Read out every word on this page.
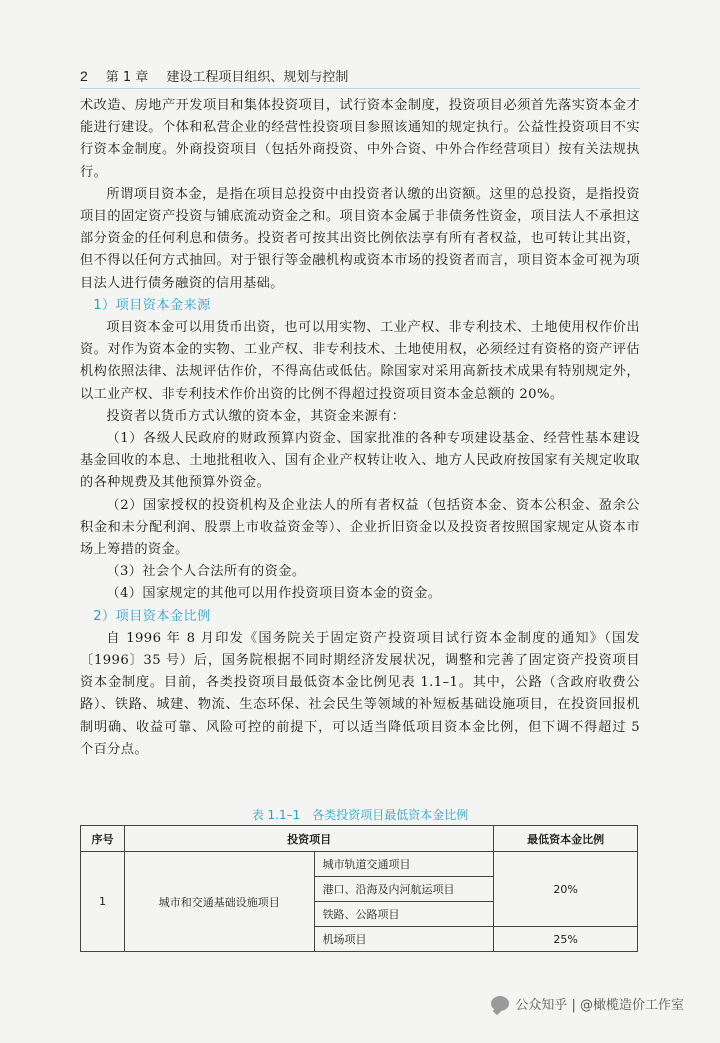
2 第 1 章 建设工程项目组织、规划与控制

术改造、房地产开发项目和集体投资项目，试行资本金制度，投资项目必须首先落实资本金才能进行建设。个体和私营企业的经营性投资项目参照该通知的规定执行。公益性投资项目不实行资本金制度。外商投资项目（包括外商投资、中外合资、中外合作经营项目）按有关法规执行。

所谓项目资本金，是指在项目总投资中由投资者认缴的出资额。这里的总投资，是指投资项目的固定资产投资与铺底流动资金之和。项目资本金属于非债务性资金，项目法人不承担这部分资金的任何利息和债务。投资者可按其出资比例依法享有所有者权益，也可转让其出资，但不得以任何方式抽回。对于银行等金融机构或资本市场的投资者而言，项目资本金可视为项目法人进行债务融资的信用基础。

1）项目资本金来源

项目资本金可以用货币出资，也可以用实物、工业产权、非专利技术、土地使用权作价出资。对作为资本金的实物、工业产权、非专利技术、土地使用权，必须经过有资格的资产评估机构依照法律、法规评估作价，不得高估或低估。除国家对采用高新技术成果有特别规定外，以工业产权、非专利技术作价出资的比例不得超过投资项目资本金总额的 20%。

投资者以货币方式认缴的资本金，其资金来源有：

（1）各级人民政府的财政预算内资金、国家批准的各种专项建设基金、经营性基本建设基金回收的本息、土地批租收入、国有企业产权转让收入、地方人民政府按国家有关规定收取的各种规费及其他预算外资金。

（2）国家授权的投资机构及企业法人的所有者权益（包括资本金、资本公积金、盈余公积金和未分配利润、股票上市收益资金等）、企业折旧资金以及投资者按照国家规定从资本市场上筹措的资金。

（3）社会个人合法所有的资金。

（4）国家规定的其他可以用作投资项目资本金的资金。

2）项目资本金比例

自 1996 年 8 月印发《国务院关于固定资产投资项目试行资本金制度的通知》（国发〔1996〕35 号）后，国务院根据不同时期经济发展状况，调整和完善了固定资产投资项目资本金制度。目前，各类投资项目最低资本金比例见表 1.1–1。其中，公路（含政府收费公路）、铁路、城建、物流、生态环保、社会民生等领域的补短板基础设施项目，在投资回报机制明确、收益可靠、风险可控的前提下，可以适当降低项目资本金比例，但下调不得超过 5 个百分点。

表 1.1–1　各类投资项目最低资本金比例
序号	投资项目		最低资本金比例
1	城市和交通基础设施项目	城市轨道交通项目	20%
		港口、沿海及内河航运项目	
		铁路、公路项目	
		机场项目	25%
公众知乎 | @橄榄造价工作室
